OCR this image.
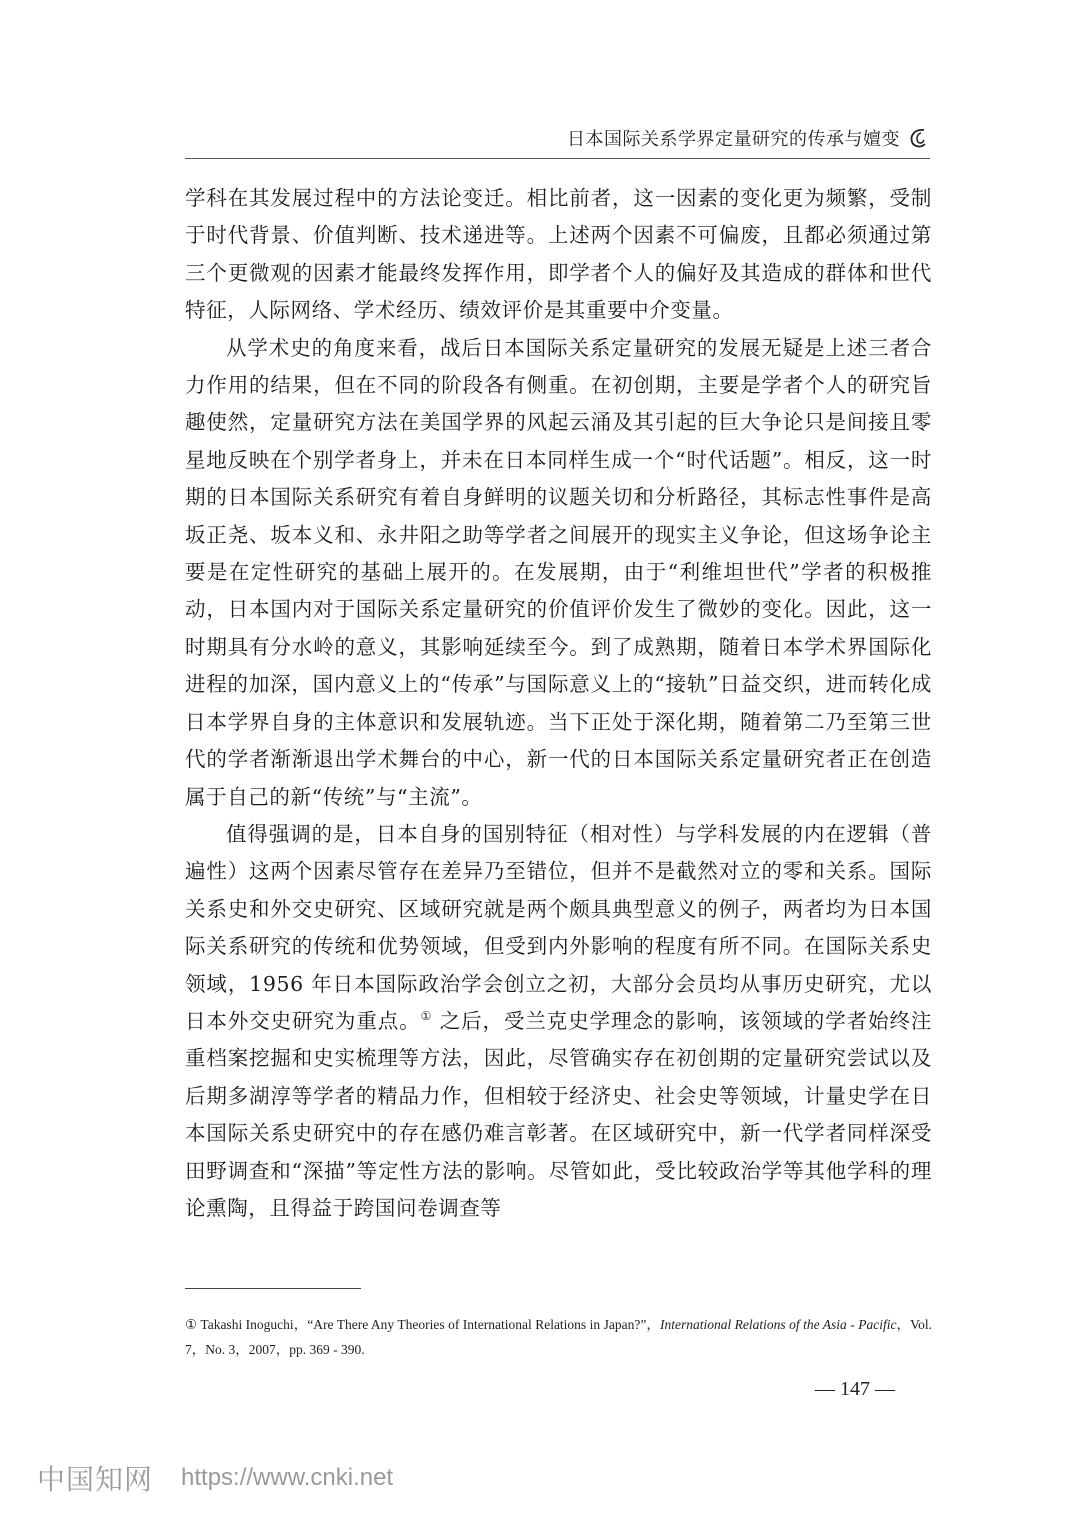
日本国际关系学界定量研究的传承与嬗变

学科在其发展过程中的方法论变迁。相比前者，这一因素的变化更为频繁，受制于时代背景、价值判断、技术递进等。上述两个因素不可偏废，且都必须通过第三个更微观的因素才能最终发挥作用，即学者个人的偏好及其造成的群体和世代特征，人际网络、学术经历、绩效评价是其重要中介变量。

从学术史的角度来看，战后日本国际关系定量研究的发展无疑是上述三者合力作用的结果，但在不同的阶段各有侧重。在初创期，主要是学者个人的研究旨趣使然，定量研究方法在美国学界的风起云涌及其引起的巨大争论只是间接且零星地反映在个别学者身上，并未在日本同样生成一个“时代话题”。相反，这一时期的日本国际关系研究有着自身鲜明的议题关切和分析路径，其标志性事件是高坂正尧、坂本义和、永井阳之助等学者之间展开的现实主义争论，但这场争论主要是在定性研究的基础上展开的。在发展期，由于“利维坦世代”学者的积极推动，日本国内对于国际关系定量研究的价值评价发生了微妙的变化。因此，这一时期具有分水岭的意义，其影响延续至今。到了成熟期，随着日本学术界国际化进程的加深，国内意义上的“传承”与国际意义上的“接轨”日益交织，进而转化成日本学界自身的主体意识和发展轨迹。当下正处于深化期，随着第二乃至第三世代的学者渐渐退出学术舞台的中心，新一代的日本国际关系定量研究者正在创造属于自己的新“传统”与“主流”。

值得强调的是，日本自身的国别特征（相对性）与学科发展的内在逻辑（普遍性）这两个因素尽管存在差异乃至错位，但并不是截然对立的零和关系。国际关系史和外交史研究、区域研究就是两个颇具典型意义的例子，两者均为日本国际关系研究的传统和优势领域，但受到内外影响的程度有所不同。在国际关系史领域，1956 年日本国际政治学会创立之初，大部分会员均从事历史研究，尤以日本外交史研究为重点。① 之后，受兰克史学理念的影响，该领域的学者始终注重档案挖掘和史实梳理等方法，因此，尽管确实存在初创期的定量研究尝试以及后期多湖淳等学者的精品力作，但相较于经济史、社会史等领域，计量史学在日本国际关系史研究中的存在感仍难言彰著。在区域研究中，新一代学者同样深受田野调查和“深描”等定性方法的影响。尽管如此，受比较政治学等其他学科的理论熏陶，且得益于跨国问卷调查等

① Takashi Inoguchi，“Are There Any Theories of International Relations in Japan?”，International Relations of the Asia - Pacific，Vol. 7，No. 3，2007，pp. 369 - 390.
— 147 —
中国知网 https://www.cnki.net
